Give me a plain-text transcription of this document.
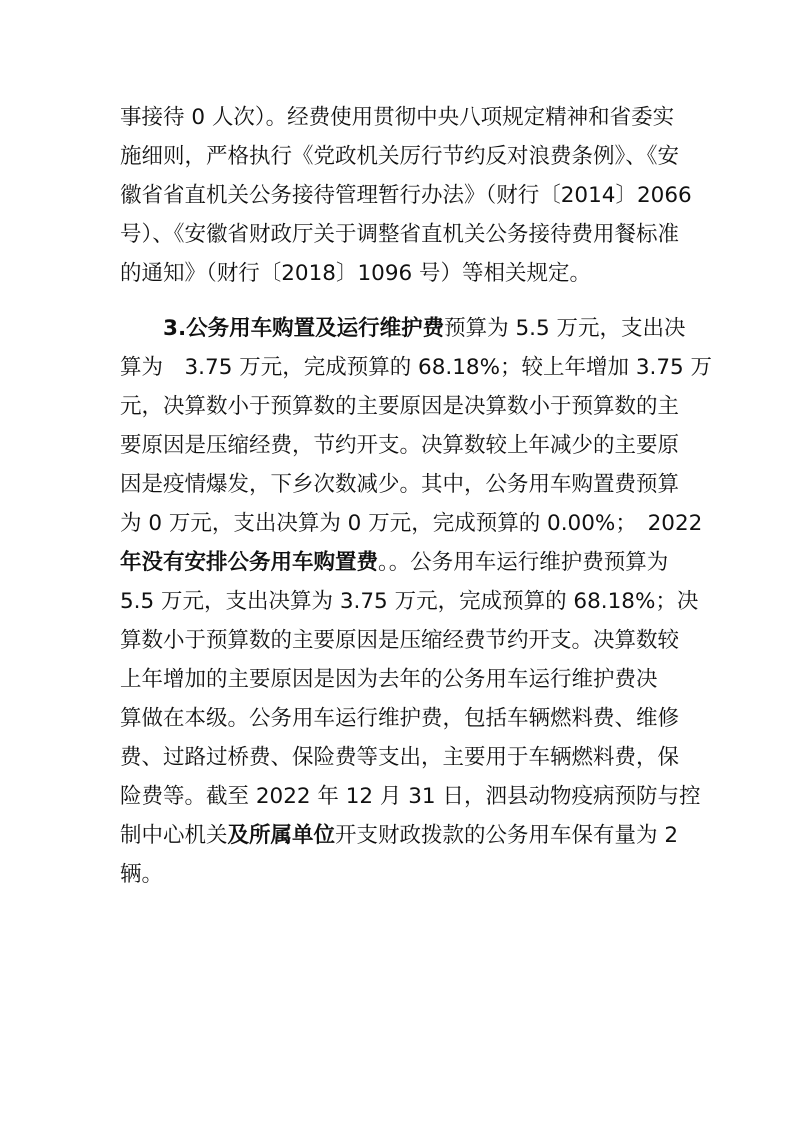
事接待 0 人次）。经费使用贯彻中央八项规定精神和省委实
施细则，严格执行《党政机关厉行节约反对浪费条例》、《安
徽省省直机关公务接待管理暂行办法》（财行〔2014〕2066
号）、《安徽省财政厅关于调整省直机关公务接待费用餐标准
的通知》（财行〔2018〕1096 号）等相关规定。
3.公务用车购置及运行维护费预算为 5.5 万元，支出决
算为　3.75 万元，完成预算的 68.18%；较上年增加 3.75 万
元，决算数小于预算数的主要原因是决算数小于预算数的主
要原因是压缩经费，节约开支。决算数较上年减少的主要原
因是疫情爆发，下乡次数减少。其中，公务用车购置费预算
为 0 万元，支出决算为 0 万元，完成预算的 0.00%；　2022
年没有安排公务用车购置费。。公务用车运行维护费预算为
5.5 万元，支出决算为 3.75 万元，完成预算的 68.18%；决
算数小于预算数的主要原因是压缩经费节约开支。决算数较
上年增加的主要原因是因为去年的公务用车运行维护费决
算做在本级。公务用车运行维护费，包括车辆燃料费、维修
费、过路过桥费、保险费等支出，主要用于车辆燃料费，保
险费等。截至 2022 年 12 月 31 日，泗县动物疫病预防与控
制中心机关及所属单位开支财政拨款的公务用车保有量为 2
辆。
